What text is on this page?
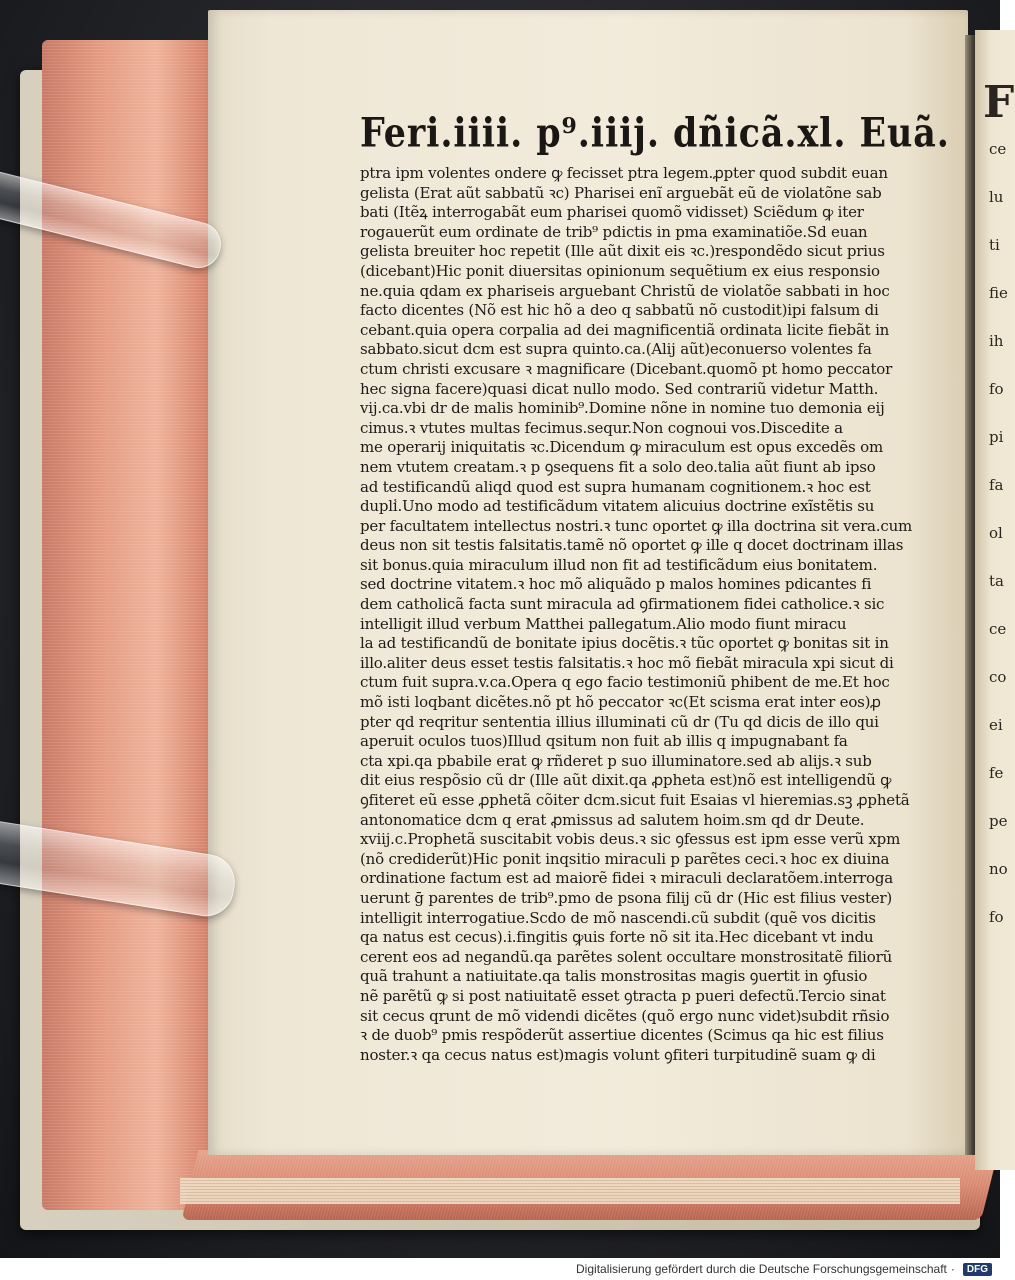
F
ce
lu
ti
fie
ih
fo
pi
fa
ol
ta
ce
co
ei
fe
pe
no
fo
Feri.iiii. p⁹.iiij. dñicã.xl. Euã.
ptra ipm volentes ondere ꝙ fecisset ptra legem.ꝓpter quod subdit euan
gelista (Erat aũt sabbatũ ꝛc) Pharisei enĩ arguebãt eũ de violatõne sab
bati (Itẽꝝ interrogabãt eum pharisei quomõ vidisset) Sciẽdum ꝙ iter
rogauerũt eum ordinate de trib⁹ pdictis in pma examinatiõe.Sd euan
gelista breuiter hoc repetit (Ille aũt dixit eis ꝛc.)respondẽdo sicut prius
(dicebant)Hic ponit diuersitas opinionum sequẽtium ex eius responsio
ne.quia qdam ex phariseis arguebant Christũ de violatõe sabbati in hoc
facto dicentes (Nõ est hic hõ a deo q sabbatũ nõ custodit)ipi falsum di
cebant.quia opera corpalia ad dei magnificentiã ordinata licite fiebãt in
sabbato.sicut dcm est supra quinto.ca.(Alij aũt)econuerso volentes fa
ctum christi excusare ꝛ magnificare (Dicebant.quomõ pt homo peccator
hec signa facere)quasi dicat nullo modo. Sed contrariũ videtur Matth.
vij.ca.vbi dr de malis hominib⁹.Domine nõne in nomine tuo demonia eij
cimus.ꝛ vtutes multas fecimus.sequr.Non cognoui vos.Discedite a
me operarij iniquitatis ꝛc.Dicendum ꝙ miraculum est opus excedẽs om
nem vtutem creatam.ꝛ p ꝯsequens fit a solo deo.talia aũt fiunt ab ipso
ad testificandũ aliqd quod est supra humanam cognitionem.ꝛ hoc est
dupli̾.Uno modo ad testificãdum vitatem alicuius doctrine exĩstẽtis su
per facultatem intellectus nostri.ꝛ tunc oportet ꝙ illa doctrina sit vera.cum
deus non sit testis falsitatis.tamẽ nõ oportet ꝙ ille q docet doctrinam illas
sit bonus.quia miraculum illud non fit ad testificãdum eius bonitatem.
sed doctrine vitatem.ꝛ hoc mõ aliquãdo p malos homines pdicantes fi
dem catholicã facta sunt miracula ad ꝯfirmationem fidei catholice.ꝛ sic
intelligit illud verbum Matthei pallegatum.Alio modo fiunt miracu
la ad testificandũ de bonitate ipius docẽtis.ꝛ tũc oportet ꝙ bonitas sit in
illo.aliter deus esset testis falsitatis.ꝛ hoc mõ fiebãt miracula xpi sicut di
ctum fuit supra.v.ca.Opera q ego facio testimoniũ phibent de me.Et hoc
mõ isti loqbant dicẽtes.nõ pt hõ peccator ꝛc(Et scisma erat inter eos)ꝓ
pter qd reqritur sententia illius illuminati cũ dr (Tu qd dicis de illo qui
aperuit oculos tuos)Illud qsitum non fuit ab illis q impugnabant fa
cta xpi.qa pbabile erat ꝙ rñderet p suo illuminatore.sed ab alijs.ꝛ sub
dit eius respõsio cũ dr (Ille aũt dixit.qa ꝓpheta est)nõ est intelligendũ ꝙ
ꝯfiteret eũ esse ꝓphetã cõiter dcm.sicut fuit Esaias vl hieremias.sꝫ ꝓphetã
antonomatice dcm q erat ꝓmissus ad salutem hoim.sm qd dr Deute.
xviij.c.Prophetã suscitabit vobis deus.ꝛ sic ꝯfessus est ipm esse verũ xpm
(nõ crediderũt)Hic ponit inqsitio miraculi p parẽtes ceci.ꝛ hoc ex diuina
ordinatione factum est ad maiorẽ fidei ꝛ miraculi declaratõem.interroga
uerunt ḡ parentes de trib⁹.pmo de psona filij cũ dr (Hic est filius vester)
intelligit interrogatiue.Scdo de mõ nascendi.cũ subdit (quẽ vos dicitis
qa natus est cecus).i.fingitis ꝙuis forte nõ sit ita.Hec dicebant vt indu
cerent eos ad negandũ.qa parẽtes solent occultare monstrositatẽ filiorũ
quã trahunt a natiuitate.qa talis monstrositas magis ꝯuertit in ꝯfusio
nẽ parẽtũ ꝙ si post natiuitatẽ esset ꝯtracta p pueri defectũ.Tercio sinat
sit cecus qrunt de mõ videndi dicẽtes (quõ ergo nunc videt)subdit rñsio
ꝛ de duob⁹ pmis respõderũt assertiue dicentes (Scimus qa hic est filius
noster.ꝛ qa cecus natus est)magis volunt ꝯfiteri turpitudinẽ suam ꝙ di
Digitalisierung gefördert durch die Deutsche Forschungsgemeinschaft ·	DFG
